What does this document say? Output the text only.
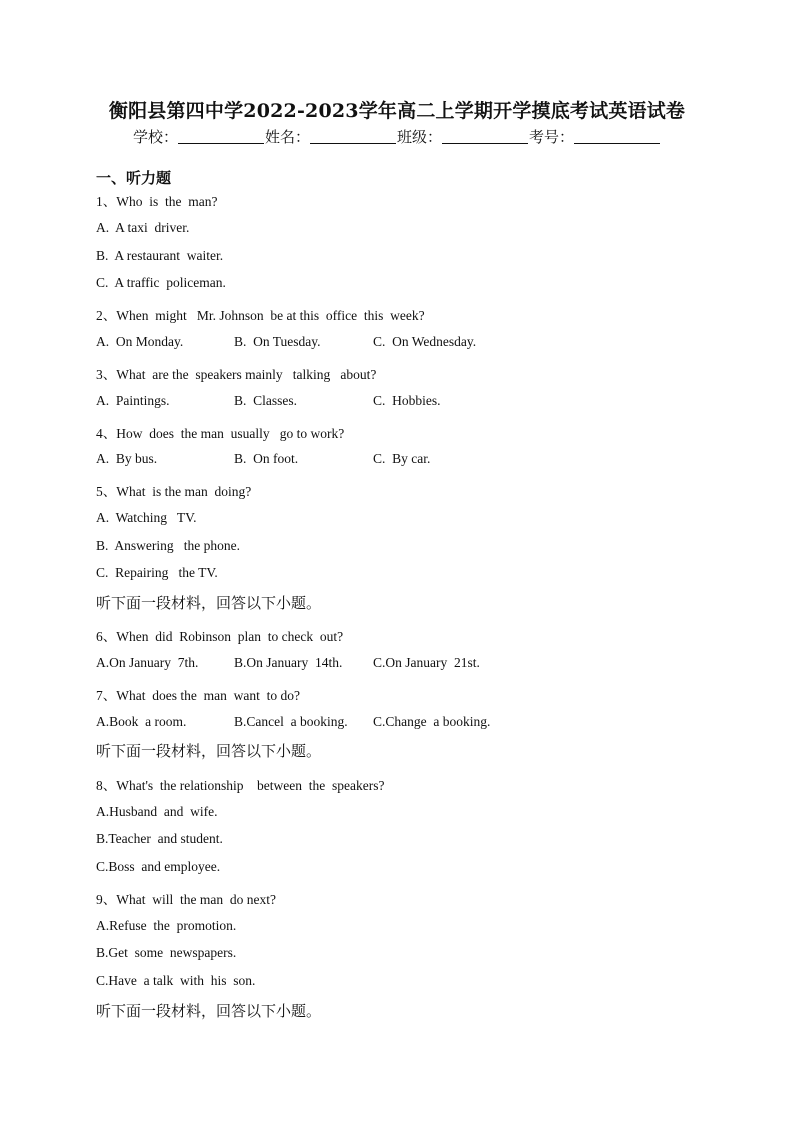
衡阳县第四中学2022-2023学年高二上学期开学摸底考试英语试卷
学校：	姓名：	班级：	考号：
一、听力题
1、Who  is  the  man?
A.  A taxi  driver.
B.  A restaurant  waiter.
C.  A traffic  policeman.
2、When  might   Mr. Johnson  be at this  office  this  week?
A.  On Monday.	B.  On Tuesday.	C.  On Wednesday.
3、What  are the  speakers mainly   talking   about?
A.  Paintings.	B.  Classes.	C.  Hobbies.
4、How  does  the man  usually   go to work?
A.  By bus.	B.  On foot.	C.  By car.
5、What  is the man  doing?
A.  Watching   TV.
B.  Answering   the phone.
C.  Repairing   the TV.
听下面一段材料，回答以下小题。
6、When  did  Robinson  plan  to check  out?
A.On January  7th.	B.On January  14th. C.On January  21st.
7、What  does the  man  want  to do?
A.Book  a room.	B.Cancel  a booking. C.Change  a booking.
听下面一段材料，回答以下小题。
8、What's  the relationship    between  the  speakers?
A.Husband  and  wife.
B.Teacher  and student.
C.Boss  and employee.
9、What  will  the man  do next?
A.Refuse  the  promotion.
B.Get  some  newspapers.
C.Have  a talk  with  his  son.
听下面一段材料，回答以下小题。
